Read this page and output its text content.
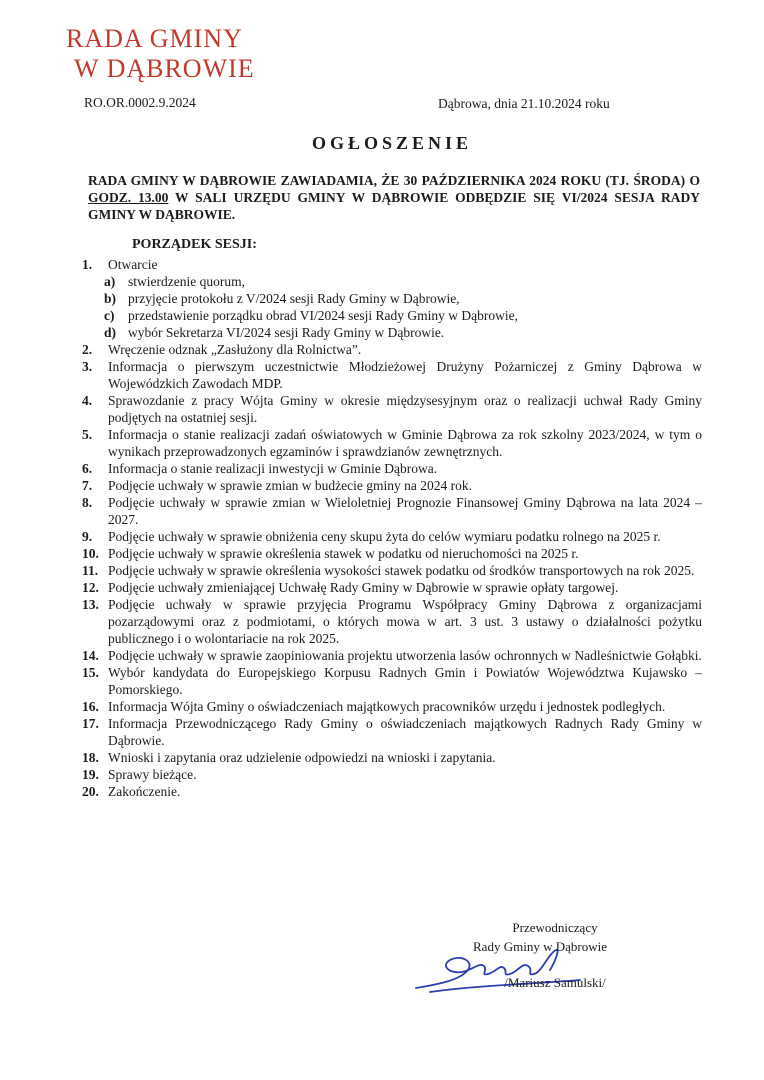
RADA GMINY
W DĄBROWIE
RO.OR.0002.9.2024	Dąbrowa, dnia 21.10.2024 roku
OGŁOSZENIE
RADA GMINY W DĄBROWIE ZAWIADAMIA, ŻE 30 PAŹDZIERNIKA 2024 ROKU (TJ. ŚRODA) O GODZ. 13.00 W SALI URZĘDU GMINY W DĄBROWIE ODBĘDZIE SIĘ VI/2024 SESJA RADY GMINY W DĄBROWIE.
PORZĄDEK SESJI:
1.	Otwarcie
a) stwierdzenie quorum,
b) przyjęcie protokołu z V/2024 sesji Rady Gminy w Dąbrowie,
c)	przedstawienie porządku obrad VI/2024 sesji Rady Gminy w Dąbrowie,
d) wybór Sekretarza VI/2024 sesji Rady Gminy w Dąbrowie.
2.	Wręczenie odznak „Zasłużony dla Rolnictwa”.
3.	Informacja o pierwszym uczestnictwie Młodzieżowej Drużyny Pożarniczej z Gminy Dąbrowa w Wojewódzkich Zawodach MDP.
4.	Sprawozdanie z pracy Wójta Gminy w okresie międzysesyjnym oraz o realizacji uchwał Rady Gminy podjętych na ostatniej sesji.
5.	Informacja o stanie realizacji zadań oświatowych w Gminie Dąbrowa za rok szkolny 2023/2024, w tym o wynikach przeprowadzonych egzaminów i sprawdzianów zewnętrznych.
6.	Informacja o stanie realizacji inwestycji w Gminie Dąbrowa.
7.	Podjęcie uchwały w sprawie zmian w budżecie gminy na 2024 rok.
8.	Podjęcie uchwały w sprawie zmian w Wieloletniej Prognozie Finansowej Gminy Dąbrowa na lata 2024 – 2027.
9.	Podjęcie uchwały w sprawie obniżenia ceny skupu żyta do celów wymiaru podatku rolnego na 2025 r.
10. Podjęcie uchwały w sprawie określenia stawek w podatku od nieruchomości na 2025 r.
11. Podjęcie uchwały w sprawie określenia wysokości stawek podatku od środków transportowych na rok 2025.
12. Podjęcie uchwały zmieniającej Uchwałę Rady Gminy w Dąbrowie w sprawie opłaty targowej.
13. Podjęcie uchwały w sprawie przyjęcia Programu Współpracy Gminy Dąbrowa z organizacjami pozarządowymi oraz z podmiotami, o których mowa w art. 3 ust. 3 ustawy o działalności pożytku publicznego i o wolontariacie na rok 2025.
14. Podjęcie uchwały w sprawie zaopiniowania projektu utworzenia lasów ochronnych w Nadleśnictwie Gołąbki.
15. Wybór kandydata do Europejskiego Korpusu Radnych Gmin i Powiatów Województwa Kujawsko – Pomorskiego.
16. Informacja Wójta Gminy o oświadczeniach majątkowych pracowników urzędu i jednostek podległych.
17. Informacja Przewodniczącego Rady Gminy o oświadczeniach majątkowych Radnych Rady Gminy w Dąbrowie.
18. Wnioski i zapytania oraz udzielenie odpowiedzi na wnioski i zapytania.
19. Sprawy bieżące.
20. Zakończenie.
Przewodniczący
Rady Gminy w Dąbrowie
/Mariusz Samulski/
